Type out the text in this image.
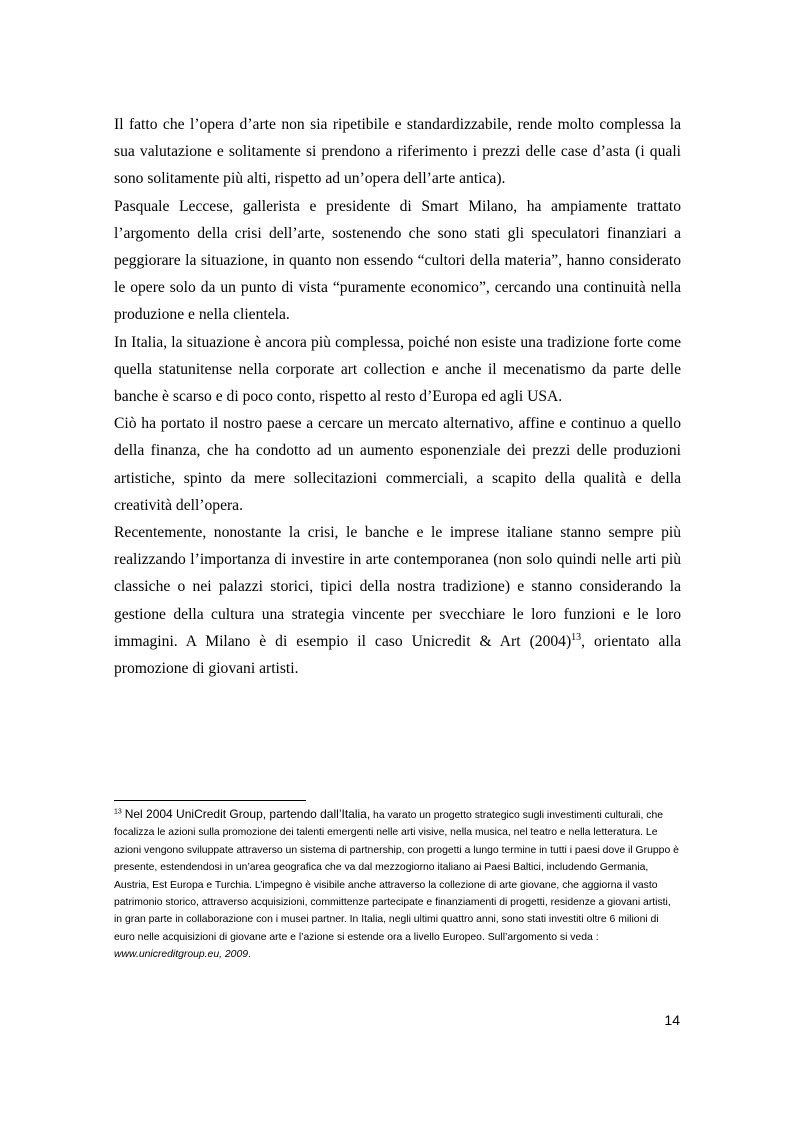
Il fatto che l’opera d’arte non sia ripetibile e standardizzabile, rende molto complessa la sua valutazione e solitamente si prendono a riferimento i prezzi delle case d’asta (i quali sono solitamente più alti, rispetto ad un’opera dell’arte antica).

Pasquale Leccese, gallerista e presidente di Smart Milano, ha ampiamente trattato l’argomento della crisi dell’arte, sostenendo che sono stati gli speculatori finanziari a peggiorare la situazione, in quanto non essendo “cultori della materia”, hanno considerato le opere solo da un punto di vista “puramente economico”, cercando una continuità nella produzione e nella clientela.

In Italia, la situazione è ancora più complessa, poiché non esiste una tradizione forte come quella statunitense nella corporate art collection e anche il mecenatismo da parte delle banche è scarso e di poco conto, rispetto al resto d’Europa ed agli USA.

Ciò ha portato il nostro paese a cercare un mercato alternativo, affine e continuo a quello della finanza, che ha condotto ad un aumento esponenziale dei prezzi delle produzioni artistiche, spinto da mere sollecitazioni commerciali, a scapito della qualità e della creatività dell’opera.

Recentemente, nonostante la crisi, le banche e le imprese italiane stanno sempre più realizzando l’importanza di investire in arte contemporanea (non solo quindi nelle arti più classiche o nei palazzi storici, tipici della nostra tradizione) e stanno considerando la gestione della cultura una strategia vincente per svecchiare le loro funzioni e le loro immagini. A Milano è di esempio il caso Unicredit & Art (2004)$^{13}$, orientato alla promozione di giovani artisti.

$^{13}$ Nel 2004 UniCredit Group, partendo dall’Italia, ha varato un progetto strategico sugli investimenti culturali, che focalizza le azioni sulla promozione dei talenti emergenti nelle arti visive, nella musica, nel teatro e nella letteratura. Le azioni vengono sviluppate attraverso un sistema di partnership, con progetti a lungo termine in tutti i paesi dove il Gruppo è presente, estendendosi in un’area geografica che va dal mezzogiorno italiano ai Paesi Baltici, includendo Germania, Austria, Est Europa e Turchia. L’impegno è visibile anche attraverso la collezione di arte giovane, che aggiorna il vasto patrimonio storico, attraverso acquisizioni, committenze partecipate e finanziamenti di progetti, residenze a giovani artisti, in gran parte in collaborazione con i musei partner. In Italia, negli ultimi quattro anni, sono stati investiti oltre 6 milioni di euro nelle acquisizioni di giovane arte e l’azione si estende ora a livello Europeo. Sull’argomento si veda : www.unicreditgroup.eu, 2009.
14
